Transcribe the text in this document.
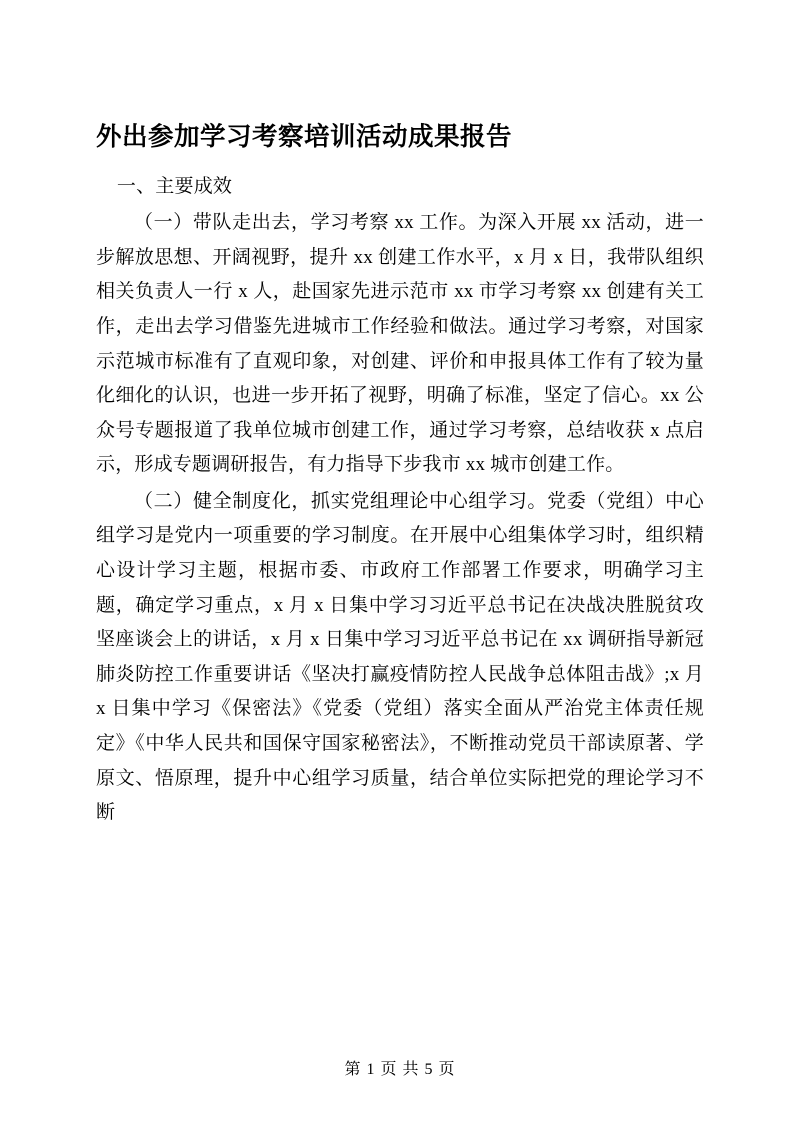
外出参加学习考察培训活动成果报告

一、主要成效

（一）带队走出去，学习考察 xx 工作。为深入开展 xx 活动，进一步解放思想、开阔视野，提升 xx 创建工作水平，x 月 x 日，我带队组织相关负责人一行 x 人，赴国家先进示范市 xx 市学习考察 xx 创建有关工作，走出去学习借鉴先进城市工作经验和做法。通过学习考察，对国家示范城市标准有了直观印象，对创建、评价和申报具体工作有了较为量化细化的认识，也进一步开拓了视野，明确了标准，坚定了信心。xx 公众号专题报道了我单位城市创建工作，通过学习考察，总结收获 x 点启示，形成专题调研报告，有力指导下步我市 xx 城市创建工作。

（二）健全制度化，抓实党组理论中心组学习。党委（党组）中心组学习是党内一项重要的学习制度。在开展中心组集体学习时，组织精心设计学习主题，根据市委、市政府工作部署工作要求，明确学习主题，确定学习重点，x 月 x 日集中学习习近平总书记在决战决胜脱贫攻坚座谈会上的讲话，x 月 x 日集中学习习近平总书记在 xx 调研指导新冠肺炎防控工作重要讲话《坚决打赢疫情防控人民战争总体阻击战》;x 月 x 日集中学习《保密法》《党委（党组）落实全面从严治党主体责任规定》《中华人民共和国保守国家秘密法》，不断推动党员干部读原著、学原文、悟原理，提升中心组学习质量，结合单位实际把党的理论学习不断

第 1 页 共 5 页
